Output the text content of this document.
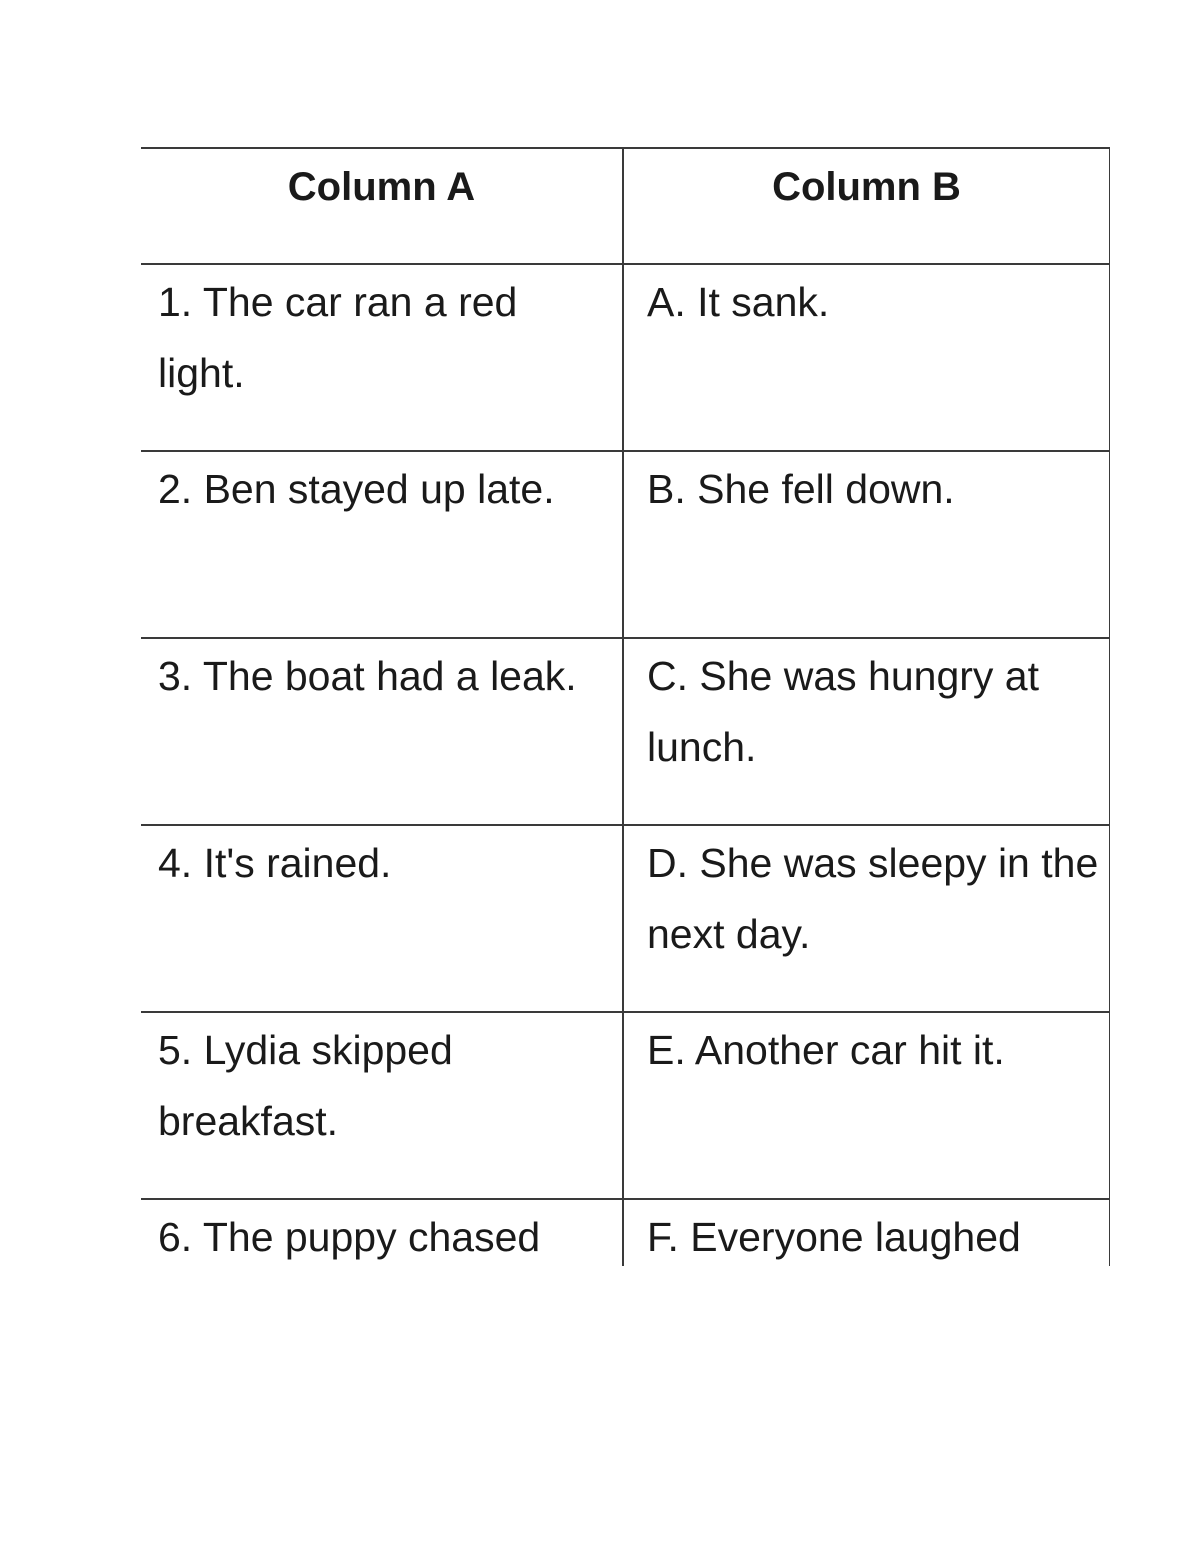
Column A	Column B

1. The car ran a red light.	A. It sank.

2. Ben stayed up late.	B. She fell down.

3. The boat had a leak.	C. She was hungry at lunch.

4. It's rained.	D. She was sleepy in the next day.

5. Lydia skipped breakfast.	E. Another car hit it.

6. The puppy chased	F. Everyone laughed
